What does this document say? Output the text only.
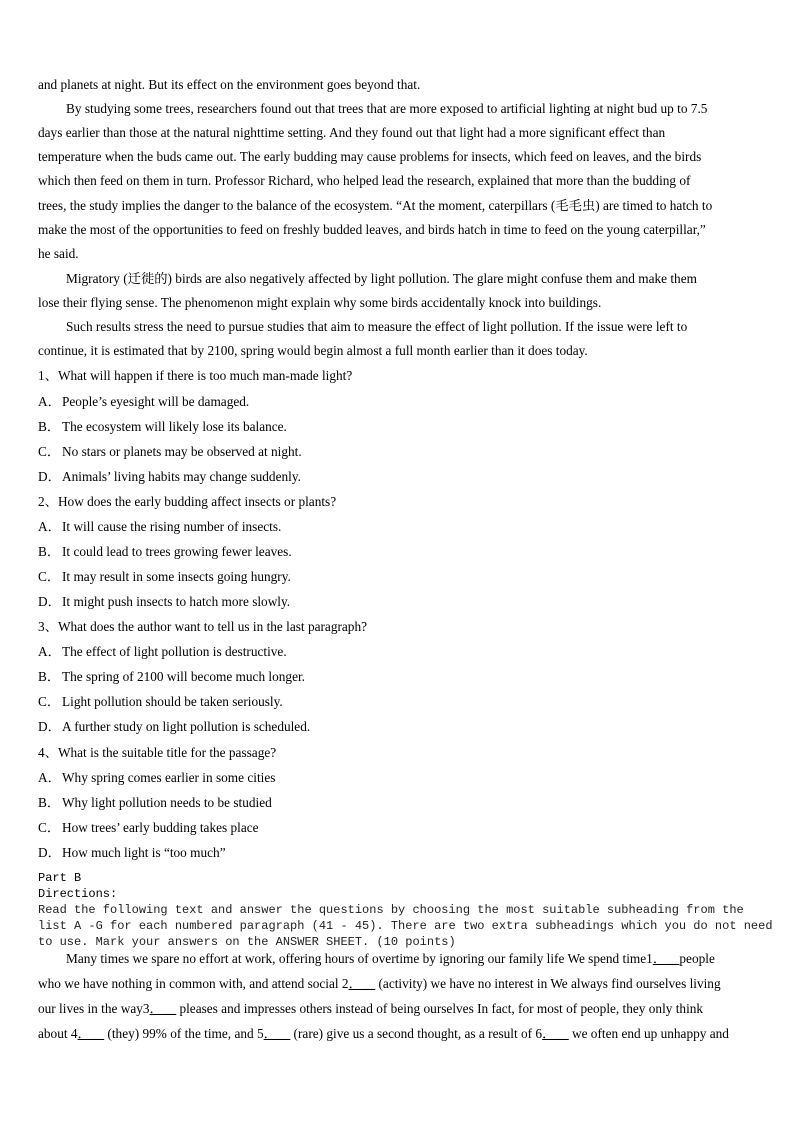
and planets at night. But its effect on the environment goes beyond that.
By studying some trees, researchers found out that trees that are more exposed to artificial lighting at night bud up to 7.5
days earlier than those at the natural nighttime setting. And they found out that light had a more significant effect than
temperature when the buds came out. The early budding may cause problems for insects, which feed on leaves, and the birds
which then feed on them in turn. Professor Richard, who helped lead the research, explained that more than the budding of
trees, the study implies the danger to the balance of the ecosystem. “At the moment, caterpillars (毛毛虫) are timed to hatch to
make the most of the opportunities to feed on freshly budded leaves, and birds hatch in time to feed on the young caterpillar,”
he said.
Migratory (迁徙的) birds are also negatively affected by light pollution. The glare might confuse them and make them
lose their flying sense. The phenomenon might explain why some birds accidentally knock into buildings.
Such results stress the need to pursue studies that aim to measure the effect of light pollution. If the issue were left to
continue, it is estimated that by 2100, spring would begin almost a full month earlier than it does today.
1、What will happen if there is too much man-made light?
A．People’s eyesight will be damaged.
B． The ecosystem will likely lose its balance.
C． No stars or planets may be observed at night.
D．Animals’ living habits may change suddenly.
2、How does the early budding affect insects or plants?
A．It will cause the rising number of insects.
B． It could lead to trees growing fewer leaves.
C． It may result in some insects going hungry.
D．It might push insects to hatch more slowly.
3、What does the author want to tell us in the last paragraph?
A．The effect of light pollution is destructive.
B． The spring of 2100 will become much longer.
C． Light pollution should be taken seriously.
D．A further study on light pollution is scheduled.
4、What is the suitable title for the passage?
A．Why spring comes earlier in some cities
B． Why light pollution needs to be studied
C． How trees’ early budding takes place
D．How much light is “too much”
Part B
Directions:
Read the following text and answer the questions by choosing the most suitable subheading from the
list A -G for each numbered paragraph (41 - 45). There are two extra subheadings which you do not need
to use. Mark your answers on the ANSWER SHEET. (10 points)
Many times we spare no effort at work, offering hours of overtime by ignoring our family life We spend time1．__people
who we have nothing in common with, and attend social 2．__ (activity) we have no interest in We always find ourselves living
our lives in the way3．__ pleases and impresses others instead of being ourselves In fact, for most of people, they only think
about 4．__ (they) 99% of the time, and 5．__ (rare) give us a second thought, as a result of 6．__ we often end up unhappy and
